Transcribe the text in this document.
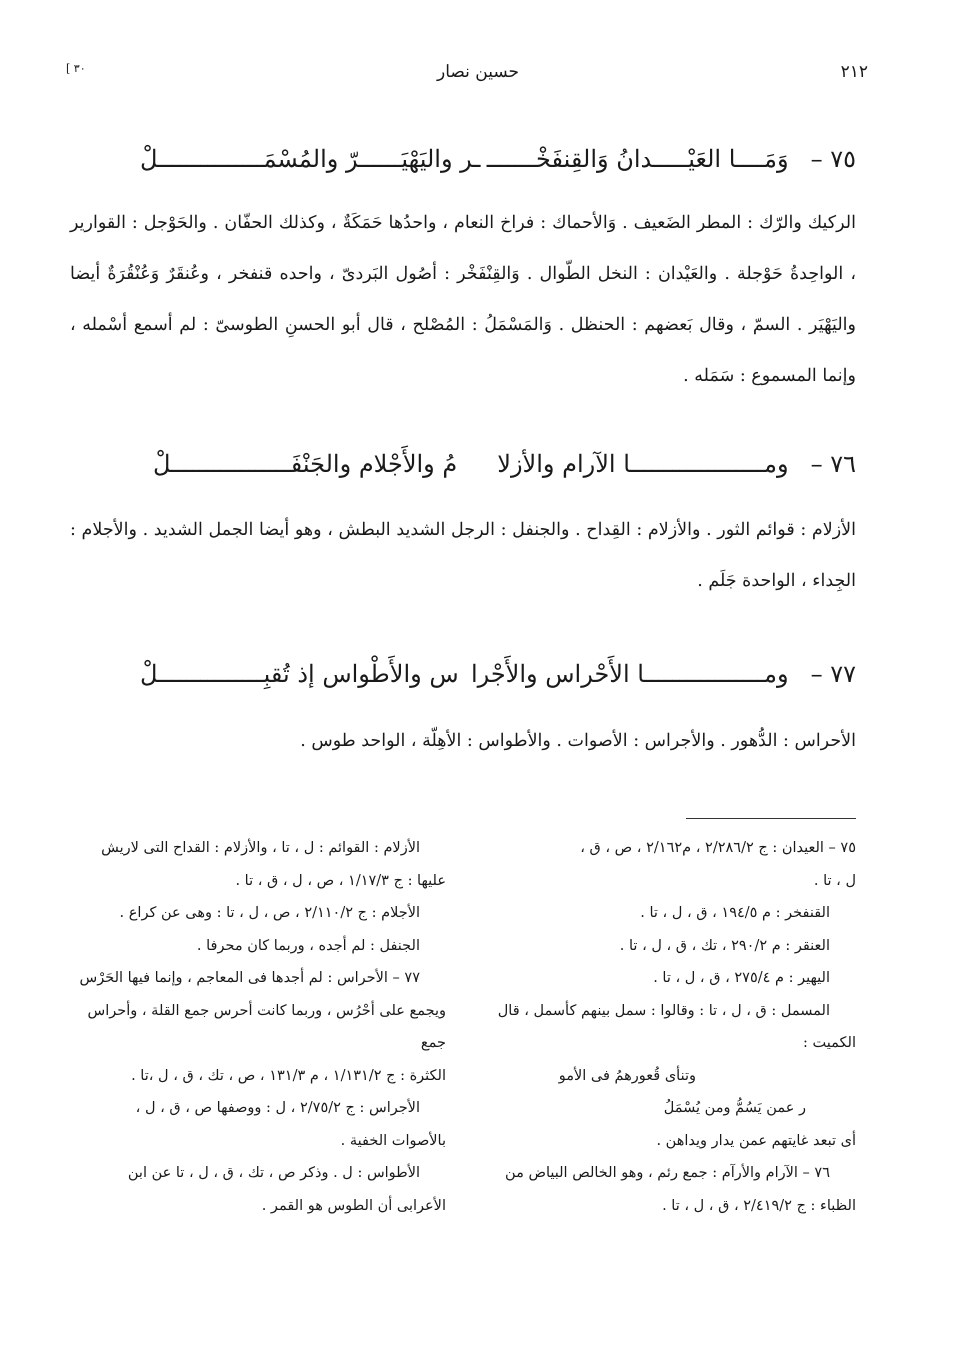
٢١٢
حسين نصار
[ ٣٠
٧٥ –
وَمَــــا العَيْـــــدانُ وَالقِنفَخْـــــــ
ـر واليَهْيَــــــرّ والمُسْمَـــــــــــــــلْ
الركيك والرّك : المطر الضَعيف . وَالأحماك : فراخ النعام ، واحدُها حَمَكَةٌ ، وكذلك الحفّان . والحَوْجل : القوارير ، الواحِدةُ حَوْجلة . والعَيْدان : النخل الطّوال . وَالقِنْفَخْر : أصُول البَردىّ ، واحده قنفخر ، وعُنقَرٌ وَعُنْقُرَةٌ أيضا واليَهْيَر . السمّ ، وقال بَعضهم : الحنظل . وَالمَسْمَلُ : المُصْلح ، قال أبو الحسنِ الطوسىّ : لم أسمع أسْمله ، وإنما المسموع : سَمَله .
٧٦ –
ومـــــــــــــــــــا الآرام والأزلا
مُ والأَجْلام والجَنْفَـــــــــــــــــلْ
الأزلام : قوائم الثور . والأزلام : القِداح . والجنفل : الرجل الشديد البطش ، وهو أيضا الجمل الشديد . والأجلام : الجِداء ، الواحدة جَلَم .
٧٧ –
ومـــــــــــــــــا الأَحْراس والأَجْرا
س والأَطْواس إذ تُقبِـــــــــــــــلْ
الأحراس : الدُّهور . والأجراس : الأصوات . والأطواس : الأهِلّة ، الواحد طوس .

٧٥ – العيدان : ج ٢/٢٨٦/٢ ، م٢/١٦٢ ، ص ، ق ،

ل ، تا .

القنفخر : م ١٩٤/٥ ، ق ، ل ، تا .

العنقر : م ٢٩٠/٢ ، تك ، ق ، ل ، تا .

اليهير : م ٢٧٥/٤ ، ق ، ل ، تا .

المسمل : ق ، ل ، تا : وقالوا : سمل بينهم كأسمل ، قال

الكميت :

وتنأى قُعورهمُ فى الأمو

ر عمن يَسُمُّ ومن يُسْمَلُ

أى تبعد غايتهم عمن يدار ويداهن .

٧٦ – الآرام والأرآم : جمع رئم ، وهو الخالص البياض من

الظباء : ج ٢/٤١٩/٢ ، ق ، ل ، تا .

الأزلام : القوائم : ل ، تا ، والأزلام : القداح التى لاريش

عليها : ج ١/١٧/٣ ، ص ، ل ، ق ، تا .

الأجلام : ج ٢/١١٠/٢ ، ص ، ل ، تا : وهى عن كراع .

الجنفل : لم أجده ، وربما كان محرفا .

٧٧ – الأحراس : لم أجدها فى المعاجم ، وإنما فيها الحَرْس

ويجمع على أحْرُس ، وربما كانت أحرس جمع القلة ، وأحراس جمع

الكثرة : ج ١/١٣١/٢ ، م ١٣١/٣ ، ص ، تك ، ق ، ل ،تا .

الأجراس : ج ٢/٧٥/٢ ، ل : ووصفها ص ، ق ، ل ،

بالأصوات الخفية .

الأطواس : ل . وذكر ص ، تك ، ق ، ل ، تا عن ابن

الأعرابى أن الطوس هو القمر .
